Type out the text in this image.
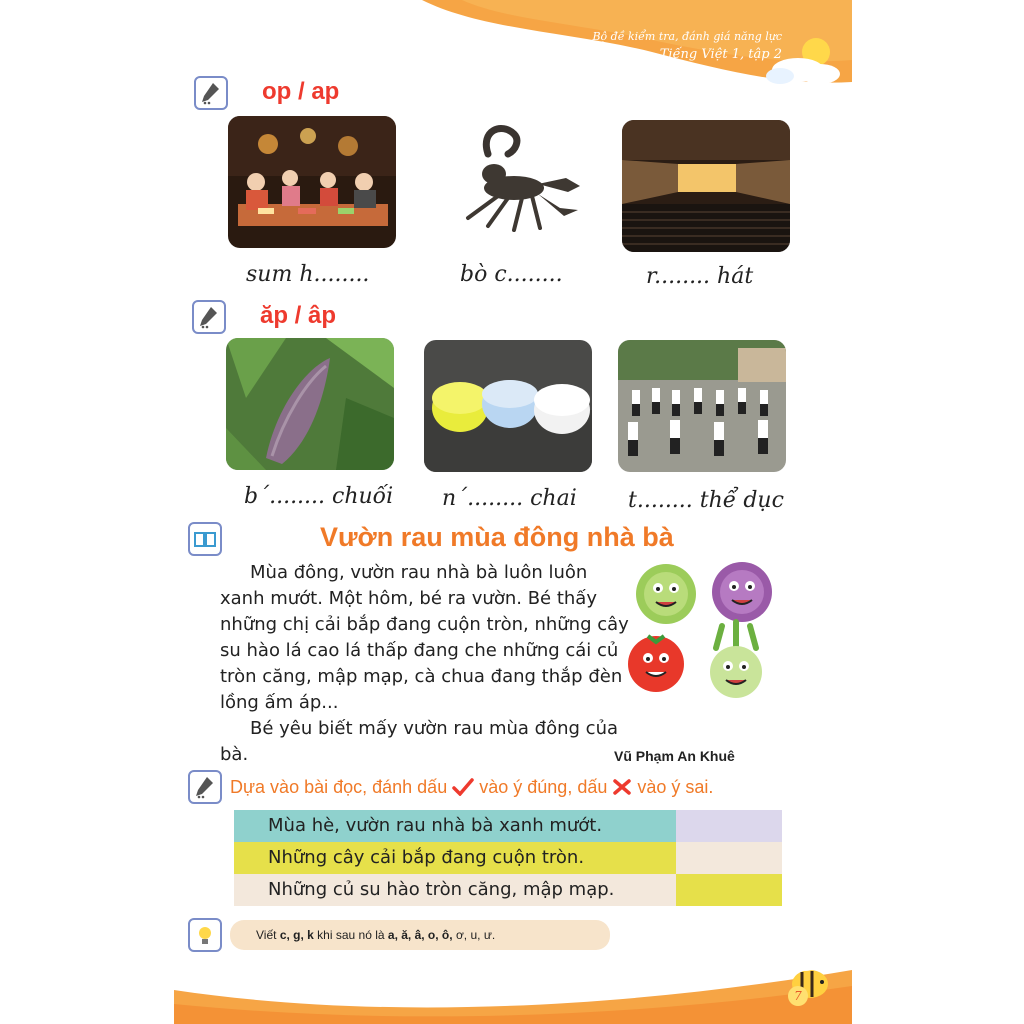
Bộ đề kiểm tra, đánh giá năng lực
Tiếng Việt 1, tập 2
op / ap
sum h........	bò c........	r........ hát
ăp / âp
b´........ chuối n´........ chai t........ thể dục
Vườn rau mùa đông nhà bà

Mùa đông, vườn rau nhà bà luôn luôn xanh mướt. Một hôm, bé ra vườn. Bé thấy những chị cải bắp đang cuộn tròn, những cây su hào lá cao lá thấp đang che những cái củ tròn căng, mập mạp, cà chua đang thắp đèn lồng ấm áp...

Bé yêu biết mấy vườn rau mùa đông của bà.	Vũ Phạm An Khuê
Dựa vào bài đọc, đánh dấu vào ý đúng, dấu vào ý sai.
Mùa hè, vườn rau nhà bà xanh mướt.
Những cây cải bắp đang cuộn tròn.
Những củ su hào tròn căng, mập mạp.
Viết c, g, k khi sau nó là a, ă, â, o, ô, ơ, u, ư.
7
